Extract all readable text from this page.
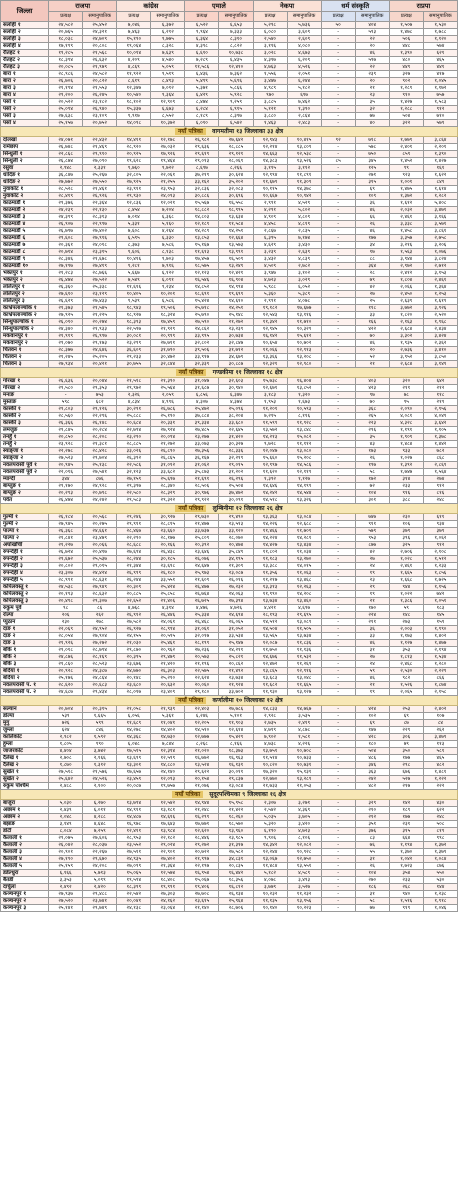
जिल्ला	राजपा		कांग्रेस		एमाले		नेकपा		धर्म संस्कृति		राप्रपा	
	प्रत्यक्ष	समानुपातिक	प्रत्यक्ष	समानुपातिक	प्रत्यक्ष	समानुपातिक	प्रत्यक्ष	समानुपातिक	प्रत्यक्ष	समानुपातिक	प्रत्यक्ष	समानुपातिक
सर्लाही १	२४,५८२	२५,४५२	७,०४६	६,३७२	६,५२२	६,६५३	५,२९८	५,७३६	५०	४०४	१,५०७	१,५३०
सर्लाही २	२०,७६५	२४,३२१	७,४६३	६,२१२	९,९६४	७,३३३	६,०८०	३,६०९	-	५९३	१,४७८	१,७८८
सर्लाही ३	१८,०३८	२४,७०९	१५,१९०	९,७७५	६,३६४	८,३१०	२,५४०	२,६०९	-	२२	५०६	१,१२०
सर्लाही ४	१७,१९९	२०,८०८	१९,०६४	८,३२८	४,३९८	८,८२२	३,११६	४,०८०	-	२०	४४८	५७४
रौतहट १	१९,२८५	२१,५६८	१०,०१४	७,६३९	६,६१०	१०,७३८	३,०२८	४,६७३	-	४६	१,३९०	६२१
रौतहट २	१८,३९४	२६,६३२	४,२०९	४,५४०	७,२८९	६,४३५	४,३१७	६,२०९	-	५९७	४८०	४६५
रौतहट ३	२०,०८५	२१,९७९	४,८६९	५,०५९	११,५८६	१२,४१०	४,७६३	४,५२६	-	२२	४४९	४४१
बारा १	२८,९८६	२४,५८२	११,९२२	९,५१९	६,४३६	७,३६२	१,५५६	२,०५१	-	२३९	३२७	४१७
बारा २	२६,७०६	२०,८२२	८,६१९	८,४९३	५,४९९	५,६९६	३,४४७	६,२४४	-	२०	९०२	१,०४५
बारा ३	२१,१९४	२१,५५३	१२,३४७	७,०१२	५,३७१	५,८६६	४,९८९	५,१८२	-	२१	१,२८९	१,१७२
बारा ४	२९,२००	२६,२४५	१०,५४०	९,३६४	६,४२९	५,९२८	९७०	६९७	-	२३	९१०	७५७
पर्सा १	२०,५२२	२३,१८२	१८,१०२	१२,९०९	८,४७४	९,२५९	३,८८५	७,४६२	-	३५	१,४२७	१,५८३
पर्सा २	२५,०९४	२६,९४०	१५,३३७	६,६७३	६,२८४	६,९१५	५,१२१	१,३९०	-	३२	१,२८८	९१२
पर्सा ३	२७,६३८	२३,१०९	९,९१७	८,५५२	८,१८९	८,३९७	३,८८०	२,८६४	-	७७	५०४	७१०
पर्सा ४	२५,१५७	२०,७५२	१४,०९८	१०,३७२	६,०१०	६,५४२	१,४६३	२,४८३	-	४०	३२२	५७९
नयाँ पत्रिका वागमतीमा १३ जिल्लाका ३३ क्षेत्र												
दोलखा	२४,०७१	२२,४३२	१४,४११	१२,१७८	२६,९८२	२७,६४२	१२,९४३	१०,४१५	९२	७१८	१,७७९	३,८६४
रामेछाप	२६,७४८	२१,४६९	२८,९२०	२७,०३२	२९,६३६	२८,८८५	१२,२१४	१३,८०९	-	५७८	२,४०१	२,२०१
सिन्धुली १	२२,८६८	२९,९१०	२०,९२५	१७,९२६	२९,६१९	२९,१२१	१४,६६३	१२,५३८	-	७५०	८५९	१,३९०
सिन्धुली २	२६,८७४	२७,०९०	१९,६२८	१९,४६४	२९,०१३	२८,०६९	१४,३८३	१३,५२६	८५	३४५	१,४५२	१,४२७
रसुवा	२,९४८	२,३३१	९,७६०	९,७२२	८,६९७	८,२६६	३,११५	३,११२	-	१२५	९९	१६१
धादिङ १	३६,८४७	२५,२६७	३२,८०५	२२,०६१	३७,२१९	३०,६२४	१२,९९४	११,८९१	-	२७१	९२३	१,६२२
धादिङ २	२७,७७२	२७,५५०	२७,९२५	२१,२५५	३३,१६२	३५,२०२	११,६७९	११,३०९	-	३१५	१,००१	८४९
नुवाकोट १	२८,५२८	२१,४६१	२३,९११	२३,९५३	३२,८३६	३२,०८३	१०,११५	१४,३७८	-	६९	१,४७५	१,६१४
नुवाकोट २	२८,४१९	२६,९२६	२९,९३०	२४,०९३	३०,८८६	३०,६९६	१०,६६७	१०,९४२	-	१०९	१,३७२	१,२८२
काठमाडौं १	२९,३७६	२२,३६४	१२,८३६	१२,०२१	१५,५६७	१६,५५८	२,९९१	४,५२९	-	३६	१,६१२	५,४०८
काठमाडौं २	२४,२३९	२२,१३०	८,४५४	७,२०४	१८,८८२	१८,९९५	४,२९१	५,८०२	-	४६	२,०३२	३,४७१
काठमाडौं ३	२४,३९९	२८,३१३	७,०१४	६,३६८	१४,८०३	१३,६३४	४,९०९	४,८०९	-	६६	२,४६१	३,१६६
काठमाडौं ४	२६,९०७	२२,९९७	५,३३१	५,१६०	१२,१८९	११,५८४	४,४५८	४,८१९	-	२६	३,३३८	३,५७१
काठमाडौं ५	२६,७९७	२७,४०२	७,६०८	४,२६४	१४,२८९	१४,२५१	२,८६७	२,८३५	-	४६	१,४५८	३,८६१
काठमाडौं ६	२९,६०८	२७,९१६	६,५९५	६,३३०	१३,८५३	१२,६६४	६,३९५	७,१७४	-	१७७	३,३५७	२,७५८
काठमाडौं ७	२०,३६१	२४,०१८	८,३७३	७,५८६	१५,१६७	१३,५७३	४,६२९	३,४३०	-	३४	३,२१६	३,२०६
काठमाडौं ८	२०,७१४	२३,३१५	९,६०६	८,१३८	११,६१३	१३,९९१	३,२३९	२,६३९	-	१७	१,५६३	१,०७६
काठमाडौं ९	२८,३४६	२१,६७८	१०,४१६	९,७०३	१७,४५७	१६,५०९	३,४३२	४,८३९	-	८८	३,९४४	३,८२४
काठमाडौं १०	२७,१९७	२७,४१९	९,२८१	७,९१६	१८,५७५	१३,२४९	४,५०९	२,७८२	-	३६४	२,९७२	२,७१२
भक्तपुर १	२१,२८३	२८,७६६	५,६६७	६,१२२	१२,१२३	१२,४२१	३,९४७	३,१०२	-	२८	२,४१२	३,१५३
भक्तपुर २	२६,४७४	२७,५२२	७,५४९	६,०९१	१६,५४६	१६,९०४	४,७२३	३,०२९	-	७९	१,८०४	२,४६१
ललितपुर १	२६,३६०	२५,३३८	११,६१६	९,२३४	१४,८५२	१४,९९४	५,९८८	६,०५२	-	४२	२,०६६	१,३६४
ललितपुर २	२७,६१०	२३,१२९	१०,४०५	१०,२०१	१८,६९१	१९,६९९	५,३६०	५,३८९	-	२७	२,४५०	१,२५३
ललितपुर ३	२६,६२९	२७,४३३	९,५३९	६,५८६	१५,४२४	१४,६१०	२,९९१	४,०७८	-	२५	२,६३९	१,६१९
काभ्रेपलाञ्चोक १	२१,३७३	२१,५४५	१८,९४३	१९,५०६	२५,७१८	२४,२५१	१९,१८२	१७,६७७	-	११८	३,७७२	३,९२६
काभ्रेपलाञ्चोक २	२७,९२५	२१,२२५	१८,९२७	१८,३२४	२५,७९०	२५,१४८	१२,५४३	१३,११६	-	३३	१,८२०	२,५२०
सिन्धुपाल्चोक १	२६,०१०	२०,२७४	१८,३९३	१७,४५९	२७,५९०	२१,२७२	११,३४२	११,७१०	-	१६६	२,१६३	१,९६८
सिन्धुपाल्चोक २	२४,३४०	२१,९३३	२२,५९७	२१,९२९	२४,८६२	२३,२३९	१२,९४५	१०,३२९	-	४२२	२,६८४	२,४३४
मकवानपुर १	२१,९१९	२६,९९७	३०,०८१	२०,९९९	३३,९९५	३०,७३४	१६,१४२	१५,६१२	-	७०	३,३०२	३,४२४
मकवानपुर २	२९,०७०	२९,१७३	२३,२९९	२७,७११	३२,८०२	३२,८४७	१०,६५४	१०,७०२	-	४६	१,९३५	२,३६२
चितवन १	२८,३७७	२४,६४६	३६,६०९	३१,७९०	३९,५०६	३१,७१२	११,०६६	१२,९१३	-	२०	२,७३६	३,४१०
चितवन २	२१,२४५	२५,२०५	२९,२३३	३०,४७२	३३,९१७	३४,६७९	१३,३६६	१३,२०८	-	५२	३,९५२	३,८५०
चितवन ३	२७,९३४	२०,४२१	३०,७५५	३२,८४४	३२,३३९	३०,८८७	१२,३२१	१२,९८०	-	२१	२,६८४	३,१४९
नयाँ पत्रिका गण्डकीमा ११ जिल्लाका १८ क्षेत्र												
गोरखा १	२६,६३६	२०,०४४	२१,५१८	२१,३९०	३१,०४७	३२,६०३	१५,७३८	१६,४०४	-	४०३	३२०	६४२
गोरखा २	२९,५८०	२९,३५३	२९,९७२	२५,५६४	३१,६८७	३०,९४०	१२,६७१	१३,८५२	-	४२३	२११	२१२
मनाङ	-	७५३	२,३२६	२,०५९	६,८५६	६,३४७	३,१८३	१,३२०	-	९७	७८	११८
मुस्ताङ	५९८	६८२	४,८३४	४,९९६	४,३०७	४,३७४	१,९५३	१,६७३	-	७०	९५	२१९
कास्की १	२९,८०३	२९,१२६	३०,२९१	२६,७८६	२५,४७२	२५,०९६	११,२०१	१०,५९३	-	३६८	२,०९०	२,९५६
कास्की २	२८,५६०	२२,२९६	२५,८८८	२५,१९०	३७,८८४	३८,२०४	७,२१५	८,११६	-	२६५	४,०८१	४,०४९
कास्की ३	२६,३६६	२६,१४८	२०,६८४	२०,३३१	३९,३३४	३३,६८०	११,५९९	११,९२८	-	२२३	४,३२८	३,६४२
लमजुङ	२९,८४५	२०,२८४	२२,७९४	२७,९२४	२७,४८५	२२,६४५	१३,५७२	१३,८४८	-	२९६	१,१९१	१,१०५
तनहुँ १	२०,८५०	२८,२०८	२३,२९०	२०,०९४	२३,२७७	३१,४२०	१४,२१३	१५,०८२	-	३५	१,९०९	१,३७८
तनहुँ २	२३,९२८	२१,३८१	२८,८८५	२१,२७२	३३,०७३	३०,३२७	९,७२८	११,११२	-	४३	१,४८४	१,४४२
स्याङ्जा १	२२,२७८	२८,४२८	३३,०२६	२६,८९०	२७,३५६	२८,३३६	१२,०४७	१३,०८०	-	१७३	९३३	७८२
स्याङ्जा २	२७,५२३	२९,७०४	२६,३९२	२६,८६५	३६,१६७	३२,२१९	१५,६६०	१५,२०८	-	२६	१,०२७	८६८
नवलपरासी पूर्व १	२०,९४५	२५,१३८	२२,५८६	३१,०१२	३१,०६२	२९,०१५	१२,९९७	१४,५८६	-	१९७	१,३९२	२,८६९
नवलपरासी पूर्व २	२२,०१६	२७,५४१	३२,१२३	३३,६८२	३५,८७३	३१,२०२	११,६२०	१२,११९	-	५८	१,७४७	१,५६४
म्याग्दी	३४४	८७६	२७,१५९	२५,६९७	२१,६९१	२६,२९६	१,३९२	१,१२७	-	१७२	३१४	२७४
बाग्लुङ १	२९,१७०	२४,९२८	२९,३९७	२८,३४०	२८,५०६	२५,५०४	१४,६४६	१४,१९९	-	७२	२३३	९१२
बाग्लुङ २	२०,२९३	२०,७९८	२२,५८०	२८,३२९	३०,९७६	३७,४७२	१४,२४२	१४,५४४	-	१०४	९१६	८१६
पर्वत	२६,४७४	२४,२४२	२९,५८३	२९,३२२	२९,९२२	३०,०९१	१४,५१८	१३,३२६	-	३०१	३८८	२४८
नयाँ पत्रिका लुम्बिनीमा १२ जिल्लाका २६ क्षेत्र												
गुल्मी १	२६,१८४	२०,५६८	२९,२४६	३०,९२७	२९,७३०	२९,४९०	१३,३६३	१३,०८४	-	७४७	२३०	६११
गुल्मी २	२७,९४५	२०,२७५	२९,९११	२८,८१५	२१,४७७	२३,५१३	१४,२२६	१२,६८८	-	९११	१०६	९३४
पाल्पा १	२६,३६८	२४,६६१	२८,४६७	२३,६६०	३३,७३७	३३,१२०	११,४६६	११,७०१	-	५७९	३७९	३७९
पाल्पा २	२१,८४१	२३,४७९	२२,२९०	२८,१७७	२५,८०९	२८,०७०	१४,२२४	१४,२८१	-	९५३	३९६	१,०६२
अर्घाखाँची	२१,२२७	२०,०६६	२८,६८८	२०,१६६	२०,३९२	२०,४७४	१४,४२७	१३,४३४	-	८७७	३२५	९१२
रुपन्देही १	२६,७२४	२०,४१७	२७,६९४	२६,४३८	२३,६४६	३५,८४९	११,८०२	११,०३४	-	४२	२,७०६	२,१०८
रुपन्देही २	२९,६७२	२५,५३७	२८,२४४	३०,१८५	२६,०७६	३४,१९५	११,१८३	१३,२७०	-	२७	१,०२८	१,५१२
रुपन्देही ३	२०,८०२	२९,०१५	२१,३४४	२३,६९८	२४,६४७	२१,३०९	१३,३८८	१४,०१५	-	२४	२,४६१	१,२३३
रुपन्देही ४	२३,३०७	२४,४२४	२६,९९९	२६,१८०	२५,९७३	२३,०८७	११,३५६	११,०६३	-	१९	१,६६५	१,८५६
रुपन्देही ५	२८,९९१	२८,६३१	२६,२४४	३३,५५१	२१,६०९	२६,०१६	११,२१७	१३,४६८	-	२३	१,६६८	१,७२५
कपिलवस्तु १	२४,५३८	२७,९४९	२०,३०९	२५,४२४	२६,४७७	२७,२३२	१३,३१३	१२,२६३	-	२९	९४४	१,१५६
कपिलवस्तु २	२०,१९३	२८,६३२	२०,८८५	२५,८५८	२६,७६४	२४,०६३	११,९९०	१४,२०८	-	१९	१,०२२	७४२
कपिलवस्तु ३	२०,४९८	२९,३०७	२२,६५२	२१,४०६	२६,७२५	२७,३९४	१३,७३४	१३,४६०	-	२१	१,३८६	१,०५१
रुकुम पूर्व	९८	८६	४,७६८	४,३१४	४,४७६	४,७२६	४,४२१	४,६९७	-	१७०	५९	१८३
रोल्पा	२०६	२६२	२६,९१२	२६,४४६	२५,३३४	२४,६९४	२८,१९३	२९,६९५	-	२२४	१४८	१४५
प्युठान	२३०	२७८	२७,५८२	२४,०६१	२६,४६८	२६,०६५	१४,५१२	१३,०८९	-	२११	२७३	१५९
दाङ १	२२,०६९	२४,९५२	२६,९२७	२८,९९४	३१,०६१	३१,०५२	१४,५०४	११,५०५	-	३६	२,००३	१,९९०
दाङ २	२८,०५४	२७,९०४	२४,१५५	२०,५९५	३२,०१७	३३,५३४	१३,५६५	१३,७३४	-	३३	१,१७३	१,४०२
दाङ ३	२१,९२६	२७,२७२	२१,०३०	२५,४६१	२८,१९९	२५,१४७	१२,०८७	११,८३६	-	४६	१,१२७	१,४७७
बाँके १	२९,०१८	२८,७९४	२९,८७०	२०,९६२	२७,२३६	२४,२११	११,७५०	११,१३६	-	३१	३५३	२,१९४
बाँके २	२४,८७६	२८,१६९	२०,३९५	२९,४७९	२०,५७३	२५,८२१	१४,६७६	११,५३२	-	२७	१,८१३	१,५३४
बाँके ३	२१,८६०	२८,५२३	२३,६७६	२१,४२०	२१,१९६	२०,८६२	१२,४७२	११,२६९	-	२४	२,४६८	१,२८०
बर्दिया १	२०,९२८	२४,३८७	२४,७७०	२६,३०३	२२,५७५	२१,४९२	१३,८६५	१२,९१६	-	५९	२,५३०	२,२२९
बर्दिया २	२५,१७६	२४,८६४	२०,१४८	२५,२१०	२२,६२४	२३,७३४	१३,६८३	१३,०४८	-	४६	९८२	८६६
नवलपरासी प. १	२८,६२०	२०,६८३	२३,६८०	२०,६३२	२०,०६०	२१,९२४	११,६८२	११,६६५	-	२१	१,५२६	१,८७४
नवलपरासी प. २	२४,६८७	२९,४३४	२८,०१७	२३,४०९	२९,१८०	३३,७०२	११,९३०	१३,१२७	-	१९	२,०६५	२,१५८
नयाँ पत्रिका कर्णालीमा १० जिल्लाका १२ क्षेत्र												
सल्यान	२०,७०४	२०,३१५	२१,०५८	२१,९३९	२२,४०३	२७,७८६	१४,८३३	१४,७६७	-	४२४	२५३	२,४०२
डोल्पा	५३९	१,६६५	६,०५६	५,३६१	६,२४६	५,१०१	२,९२८	३,५३५	-	१०२	६९	१०७
मुगु	७२६	५९९	११,६८९	११,०४१	१२,२०५	११,९०३	२,७३५	२,४१९	-	६९	८७	८४
जुम्ला	६२४	८४६	१४,२७८	१४,४०२	१४,५१०	१२,६१४	४,७१९	४,८७८	-	१४७	२२९	२६२
कालिकोट	२,९८२	१,५९२	१४,३६८	१४,७३०	१२,७७७	१५,४२९	७,९०२	१,५८१	-	४२८	३०६	३,४७९
हुम्ला	१,८०५	९९०	६,०४८	७,८४४	८,२६८	८,१६६	४,७३८	४,२२६	-	१८०	७९	११३
जाजरकोट	४,४०४	३,७४२	१७,५१५	१२,३१४	२१,०२०	१८,३७३	१३,७५१	१०,७०८	-	५०४	३५०	५८१
दैलेख १	२,७०८	२,१६६	१३,६९९	१२,५९९	१६,७७२	१६,९६३	११,५१४	१०,७३३	-	४८६	१७७	४६५
दैलेख २	१,८७०	१,३१२	१३,३०१	१४,८८०	१३,५२४	१६,१३१	१०,८२०	१०,७३१	-	३४६	२९८	४८२
सुर्खेत १	२७,५१८	२१,५७६	१७,६५७	२४,१४०	२९,६२२	३०,०११	१७,३२०	१५,१३१	-	३६३	६७६	१,४८१
सुर्खेत २	२५,६४२	२४,५२६	२३,४५९	१२,०९३	२०,१५४	२९,८३७	१२,७७०	१३,२८९	-	२४२	५२७	१,२२२
रुकुम पश्चिम	२,४८८	२,१००	२०,०८७	१९,७५७	२१,०७६	२३,०८४	२१,७३३	२१,०५३	-	४८२	२१७	२२२
नयाँ पत्रिका सुदूरपश्चिमका ९ जिल्लाका १६ क्षेत्र												
बाजुरा	५,०३०	६,२७०	१३,७९४	१२,५४२	१४,९४४	१५,९५८	२,३०७	३,२७१	-	३२९	१४२	४३०
अछाम १	२,४३९	६,०११	१४,९११	१३,१८१	२१,२४८	२१,४२२	२,५४२	४,३६९	-	२१०	१८९	६२२
अछाम २	२,०४८	४,२८८	१४,४८७	१४,६१६	१६,२९९	१८,२६०	५,०३५	३,७०५	-	२१२	१७७	२४८
बझाङ	३,१४९	४,६४८	१६,९७८	१७,६४३	१७,७७१	१८,५७०	५,३२०	३,४२०	-	३५१	२३१	५०८
डोटी	८,०८४	७,२५९	१२,४११	१३,९८४	१२,६२०	१३,९६०	६,१९०	४,७२३	-	३७६	३१५	८१९
कैलाली १	२९,०७५	२७,६०६	२८,९५३	२२,१८२	२८,४४६	२३,९८५	९,९०६	८,१०६	-	८३	६६४	९९८
कैलाली २	२६,०४२	२८,०३७	२३,५५२	२९,०२४	२९,२७२	३१,३१७	१४,३४२	१२,०८२	-	७६	१,१९४	१,३७२
कैलाली ३	२०,९०१	२२,२६७	२७,५११	२२,९०१	२०,७२२	२७,५८२	१२,२४४	१०,९२८	-	५५	१,३७०	१,३७९
कैलाली ४	२७,१९०	२९,६७०	२४,९३५	२७,४०२	२१,९९७	३४,८३१	१३,०६७	१२,७५०	-	३१	१,०४२	१,०८४
कैलाली ५	२५,१५९	२४,२०८	२७,०९९	२१,३६४	२२,१९७	२०,८३५	११,४८४	१३,५५१	-	२६	१,७२३	८७६
डडेल्धुरा	६,१६६	५,७१३	१५,०६५	१२,५७४	१६,९५४	१६,४४२	५,१८२	४,५८९	-	१०४	३५४	५५०
बैतडी	३,३५३	५,०९९	१९,५९४	१८,४०८	१५,०६७	१८,३५६	४,०७८	३,४९३	-	२७०	२३३	५३०
दार्चुला	२,४९२	२,४२०	१८,३९९	१९,९९१	१९,४०६	१६,८१२	३,७७९	३,५२७	-	१८६	२६८	१४४
कञ्चनपुर १	२७,९३७	२९,४८८	२२,५४२	२७,३०३	२७,७०८	२६,१३४	१०,२३२	११,२३२	-	३१	९४०	१,२३८
कञ्चनपुर २	२७,५२०	२३,७४१	२०,०४१	२४,१६२	२३,६१५	२५,९६४	११,१३५	१३,९५६	-	५८	१,५१६	१,९१८
कञ्चनपुर ३	२५,१४१	२९,७४९	२४,१३८	२३,०६४	२१,१४०	२८,७०६	१०,१४०	१०,२२३	-	७७	९१९	१,०४६
